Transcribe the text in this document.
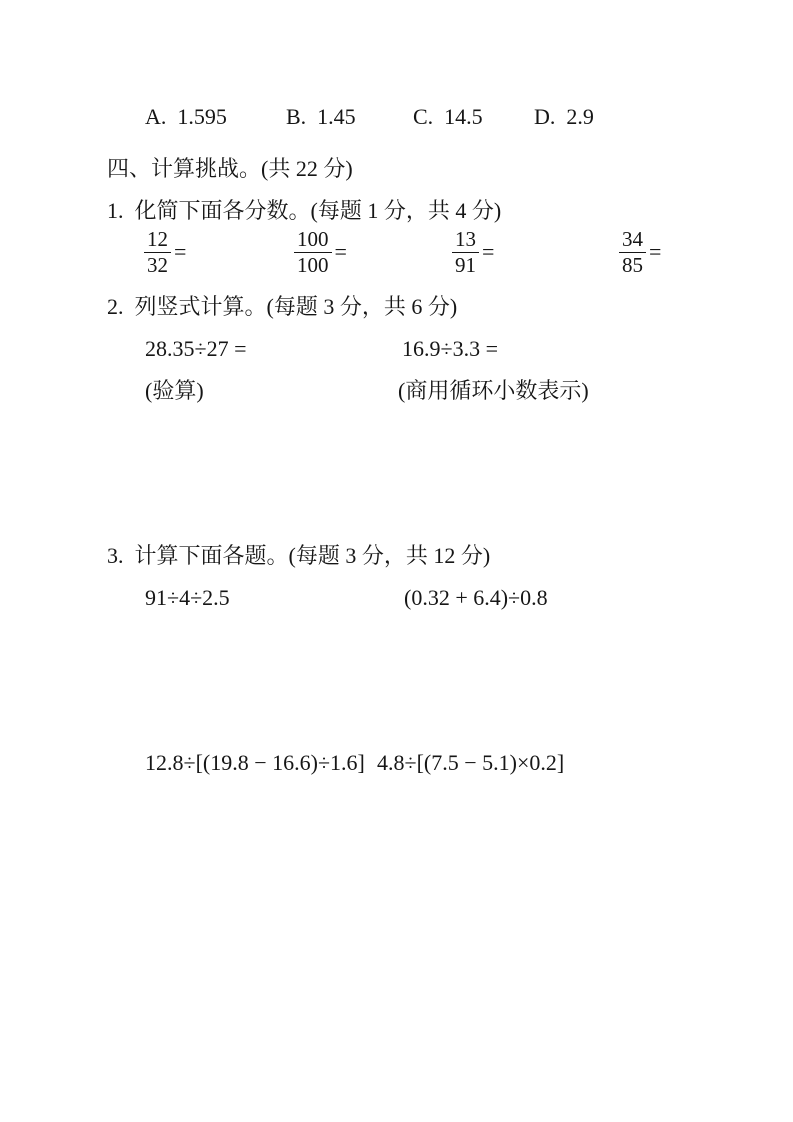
A.  1.595	B.  1.45	C.  14.5 D.  2.9
四、计算挑战。(共 22 分)
1.  化简下面各分数。(每题 1 分，共 4 分)
$\frac{12}{32}$ =	$\frac{100}{100}$ =	$\frac{13}{91}$ =	$\frac{34}{85}$ =
2.  列竖式计算。(每题 3 分，共 6 分)
28.35÷27 =	16.9÷3.3 =
(验算)	(商用循环小数表示)
3.  计算下面各题。(每题 3 分，共 12 分)
91÷4÷2.5	(0.32 + 6.4)÷0.8
12.8÷[(19.8 − 16.6)÷1.6] 4.8÷[(7.5 − 5.1)×0.2]
